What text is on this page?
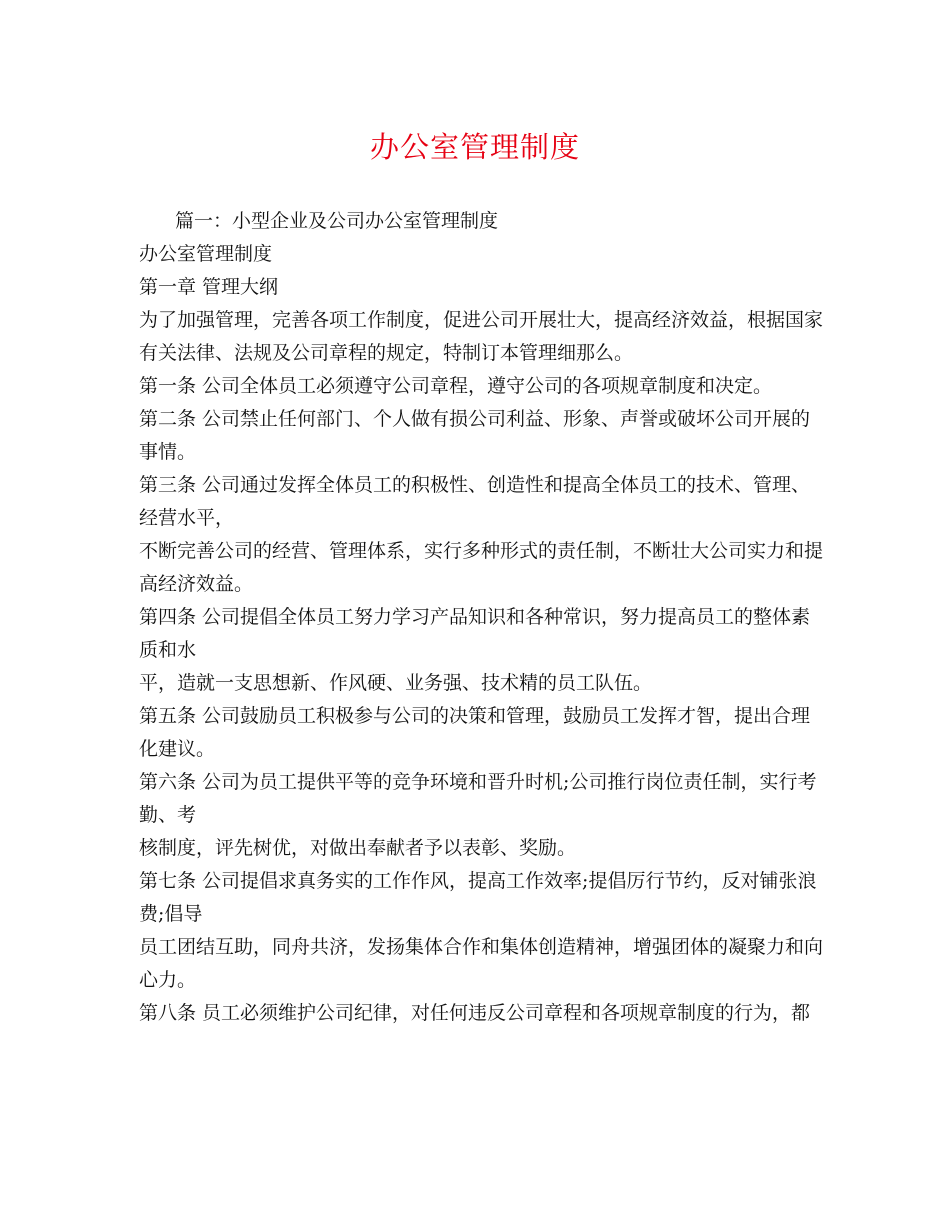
办公室管理制度
篇一：小型企业及公司办公室管理制度
办公室管理制度
第一章 管理大纲
为了加强管理，完善各项工作制度，促进公司开展壮大，提高经济效益，根据国家
有关法律、法规及公司章程的规定，特制订本管理细那么。
第一条 公司全体员工必须遵守公司章程，遵守公司的各项规章制度和决定。
第二条 公司禁止任何部门、个人做有损公司利益、形象、声誉或破坏公司开展的
事情。
第三条 公司通过发挥全体员工的积极性、创造性和提高全体员工的技术、管理、
经营水平，
不断完善公司的经营、管理体系，实行多种形式的责任制，不断壮大公司实力和提
高经济效益。
第四条 公司提倡全体员工努力学习产品知识和各种常识，努力提高员工的整体素
质和水
平，造就一支思想新、作风硬、业务强、技术精的员工队伍。
第五条 公司鼓励员工积极参与公司的决策和管理，鼓励员工发挥才智，提出合理
化建议。
第六条 公司为员工提供平等的竞争环境和晋升时机;公司推行岗位责任制，实行考
勤、考
核制度，评先树优，对做出奉献者予以表彰、奖励。
第七条 公司提倡求真务实的工作作风，提高工作效率;提倡厉行节约，反对铺张浪
费;倡导
员工团结互助，同舟共济，发扬集体合作和集体创造精神，增强团体的凝聚力和向
心力。
第八条 员工必须维护公司纪律，对任何违反公司章程和各项规章制度的行为，都
